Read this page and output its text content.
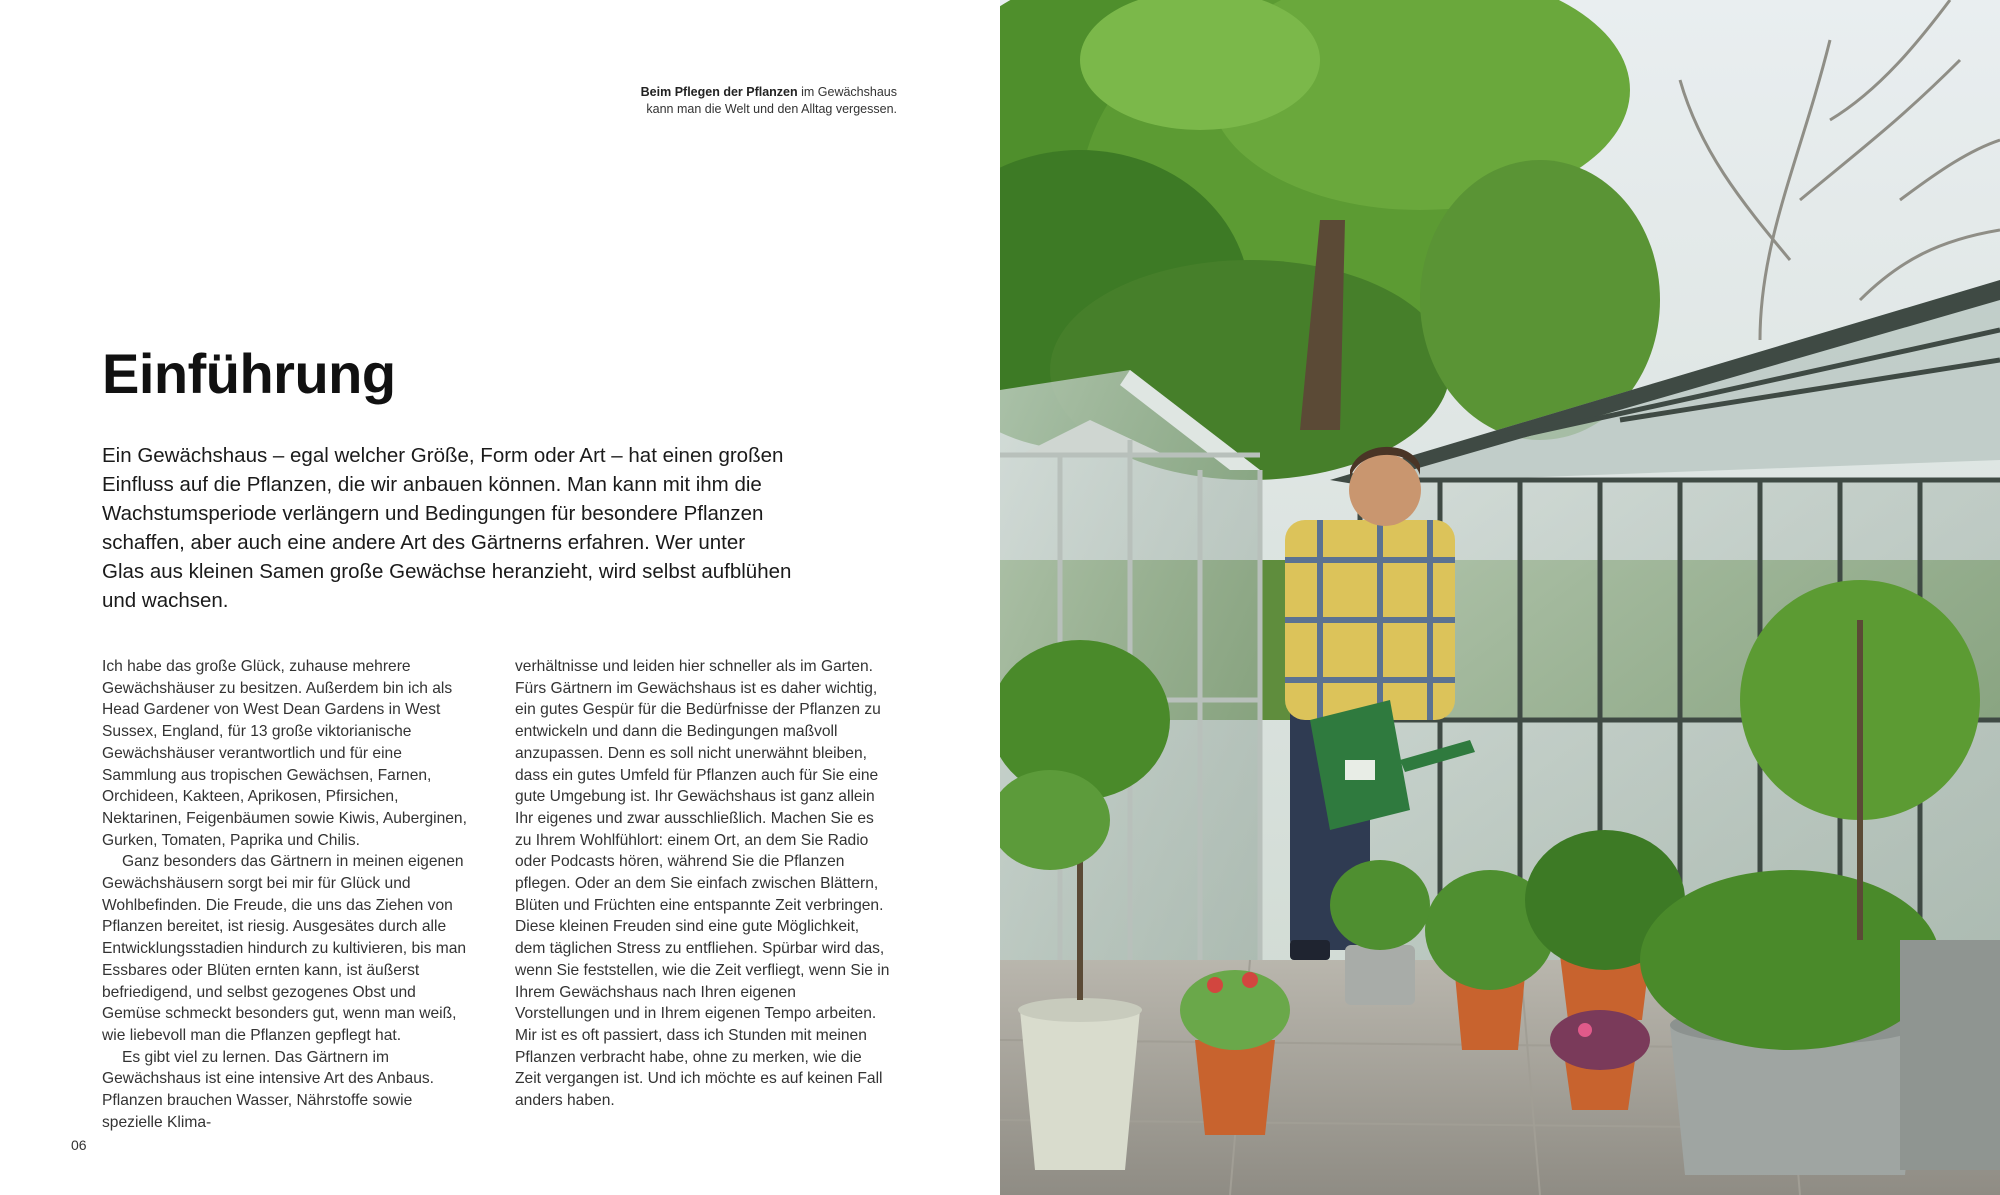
Beim Pflegen der Pflanzen im Gewächshaus kann man die Welt und den Alltag vergessen.
Einführung

Ein Gewächshaus – egal welcher Größe, Form oder Art – hat einen großen Einfluss auf die Pflanzen, die wir anbauen können. Man kann mit ihm die Wachstumsperiode verlängern und Bedingungen für besondere Pflanzen schaffen, aber auch eine andere Art des Gärtnerns erfahren. Wer unter Glas aus kleinen Samen große Gewächse heranzieht, wird selbst aufblühen und wachsen.

Ich habe das große Glück, zuhause mehrere Gewächshäuser zu besitzen. Außerdem bin ich als Head Gardener von West Dean Gardens in West Sussex, England, für 13 große viktorianische Gewächshäuser verantwortlich und für eine Sammlung aus tropischen Gewächsen, Farnen, Orchideen, Kakteen, Aprikosen, Pfirsichen, Nektarinen, Feigenbäumen sowie Kiwis, Auberginen, Gurken, Tomaten, Paprika und Chilis.

Ganz besonders das Gärtnern in meinen eigenen Gewächshäusern sorgt bei mir für Glück und Wohlbefinden. Die Freude, die uns das Ziehen von Pflanzen bereitet, ist riesig. Ausgesätes durch alle Entwicklungsstadien hindurch zu kultivieren, bis man Essbares oder Blüten ernten kann, ist äußerst befriedigend, und selbst gezogenes Obst und Gemüse schmeckt besonders gut, wenn man weiß, wie liebevoll man die Pflanzen gepflegt hat.

Es gibt viel zu lernen. Das Gärtnern im Gewächshaus ist eine intensive Art des Anbaus. Pflanzen brauchen Wasser, Nährstoffe sowie spezielle Klima-

verhältnisse und leiden hier schneller als im Garten. Fürs Gärtnern im Gewächshaus ist es daher wichtig, ein gutes Gespür für die Bedürfnisse der Pflanzen zu entwickeln und dann die Bedingungen maßvoll anzupassen. Denn es soll nicht unerwähnt bleiben, dass ein gutes Umfeld für Pflanzen auch für Sie eine gute Umgebung ist. Ihr Gewächshaus ist ganz allein Ihr eigenes und zwar ausschließlich. Machen Sie es zu Ihrem Wohlfühlort: einem Ort, an dem Sie Radio oder Podcasts hören, während Sie die Pflanzen pflegen. Oder an dem Sie einfach zwischen Blättern, Blüten und Früchten eine entspannte Zeit verbringen. Diese kleinen Freuden sind eine gute Möglichkeit, dem täglichen Stress zu entfliehen. Spürbar wird das, wenn Sie feststellen, wie die Zeit verfliegt, wenn Sie in Ihrem Gewächshaus nach Ihren eigenen Vorstellungen und in Ihrem eigenen Tempo arbeiten. Mir ist es oft passiert, dass ich Stunden mit meinen Pflanzen verbracht habe, ohne zu merken, wie die Zeit vergangen ist. Und ich möchte es auf keinen Fall anders haben.

06
